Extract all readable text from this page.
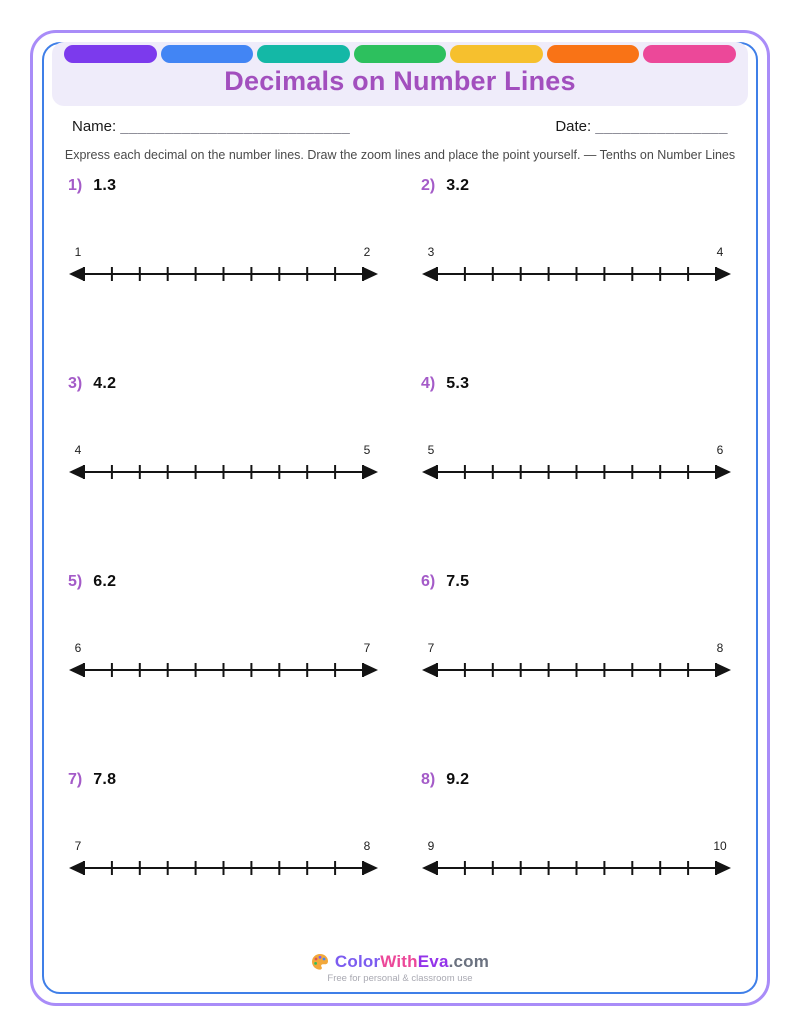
Decimals on Number Lines
Name: __________________________	Date: _______________
Express each decimal on the number lines. Draw the zoom lines and place the point yourself. — Tenths on Number Lines
1) 1.3
1	2
2) 3.2
3	4
3) 4.2
4	5
4) 5.3
5	6
5) 6.2
6	7
6) 7.5
7	8
7) 7.8
7	8
8) 9.2
9	10
ColorWithEva.com
Free for personal & classroom use
